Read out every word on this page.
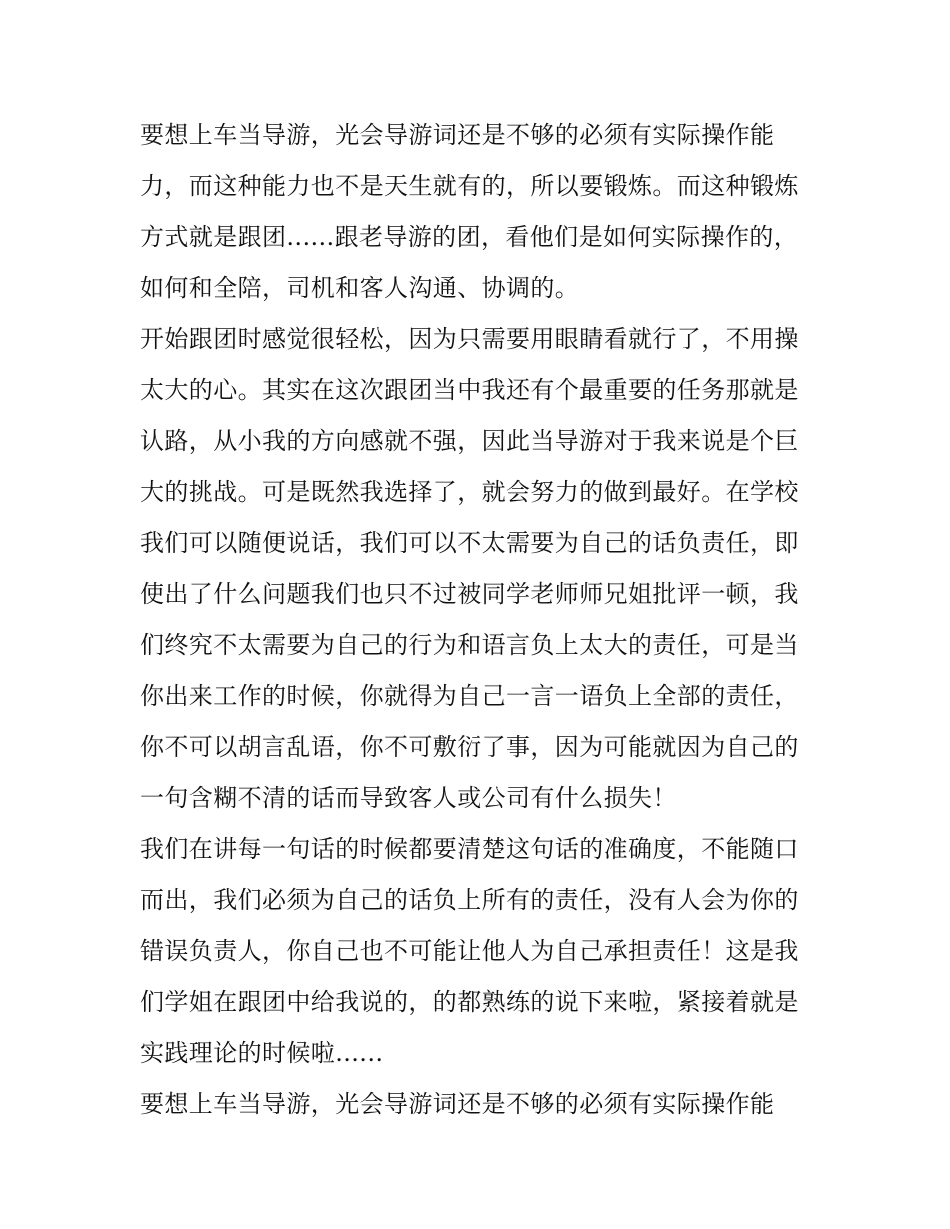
要想上车当导游，光会导游词还是不够的必须有实际操作能
力，而这种能力也不是天生就有的，所以要锻炼。而这种锻炼
方式就是跟团......跟老导游的团，看他们是如何实际操作的，
如何和全陪，司机和客人沟通、协调的。
开始跟团时感觉很轻松，因为只需要用眼睛看就行了，不用操
太大的心。其实在这次跟团当中我还有个最重要的任务那就是
认路，从小我的方向感就不强，因此当导游对于我来说是个巨
大的挑战。可是既然我选择了，就会努力的做到最好。在学校
我们可以随便说话，我们可以不太需要为自己的话负责任，即
使出了什么问题我们也只不过被同学老师师兄姐批评一顿，我
们终究不太需要为自己的行为和语言负上太大的责任，可是当
你出来工作的时候，你就得为自己一言一语负上全部的责任，
你不可以胡言乱语，你不可敷衍了事，因为可能就因为自己的
一句含糊不清的话而导致客人或公司有什么损失！
我们在讲每一句话的时候都要清楚这句话的准确度，不能随口
而出，我们必须为自己的话负上所有的责任，没有人会为你的
错误负责人，你自己也不可能让他人为自己承担责任！这是我
们学姐在跟团中给我说的，的都熟练的说下来啦，紧接着就是
实践理论的时候啦......
要想上车当导游，光会导游词还是不够的必须有实际操作能
